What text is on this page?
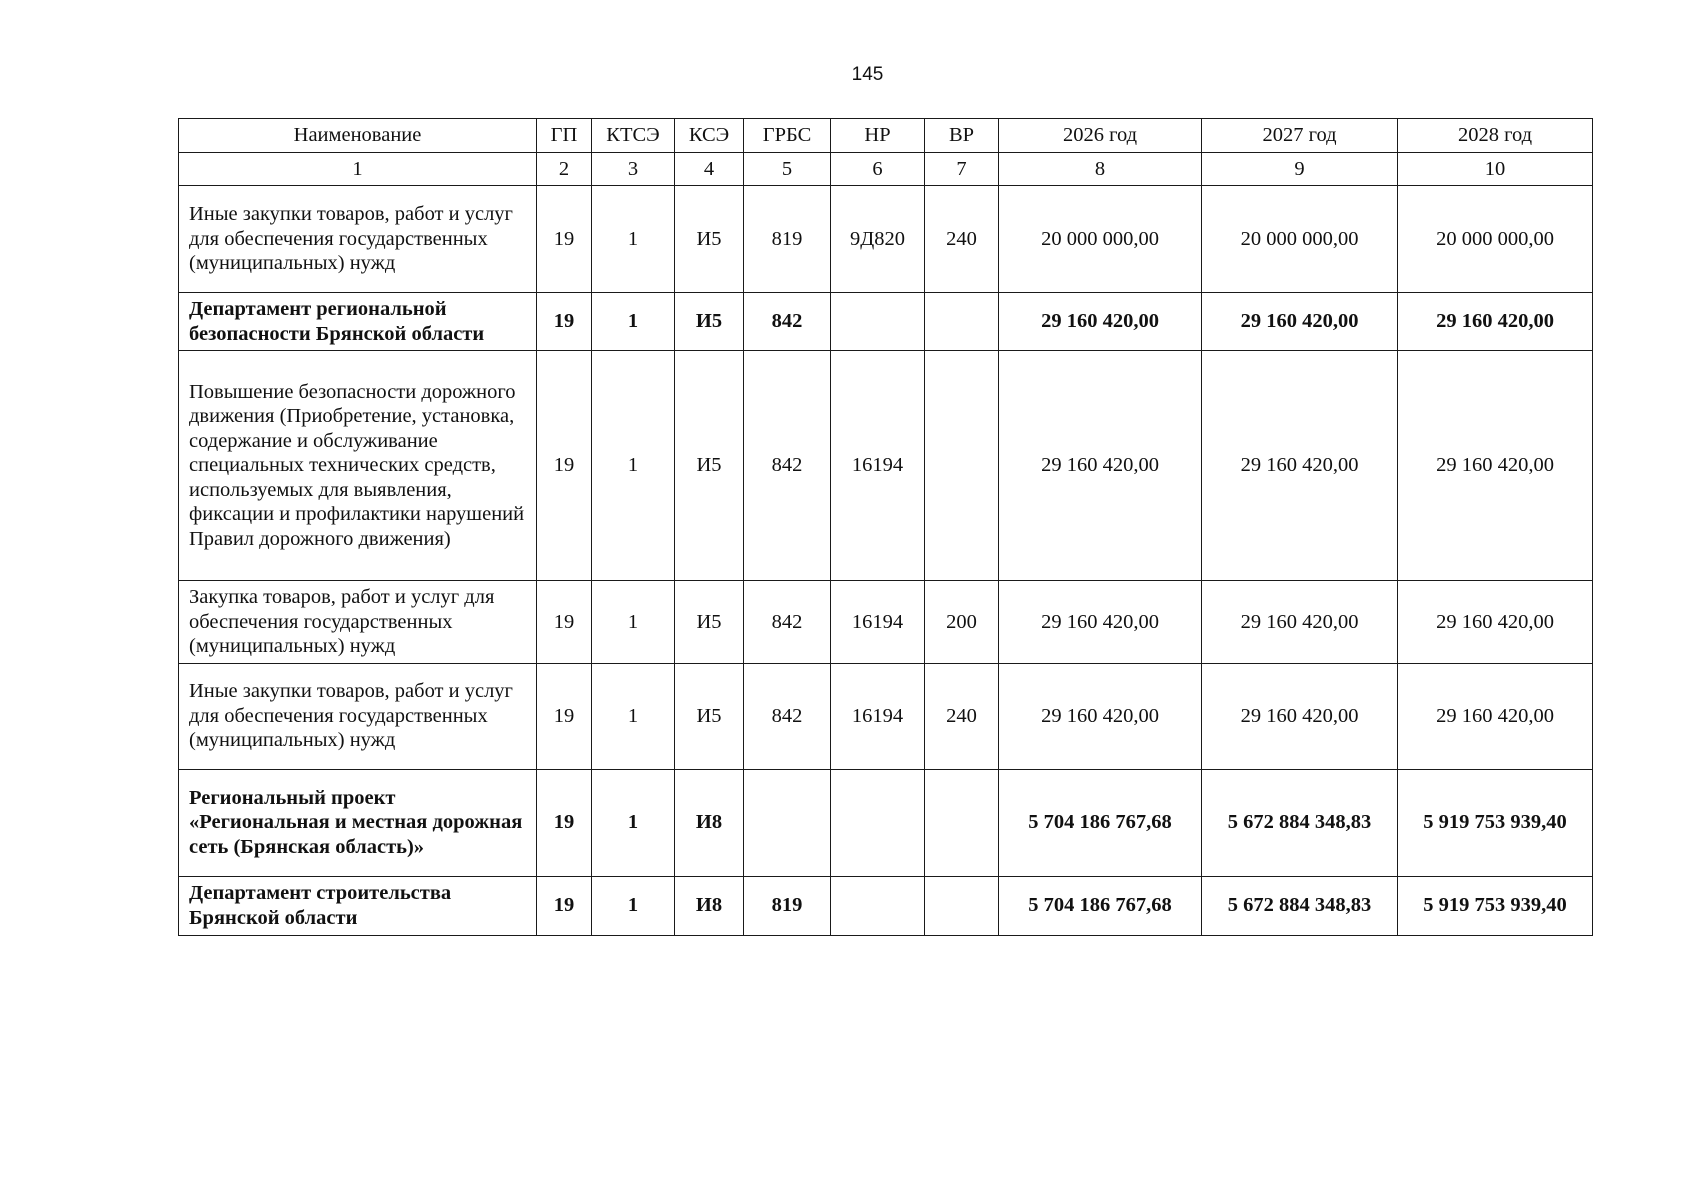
145
Наименование	ГП	КТСЭ	КСЭ	ГРБС	НР	ВР	2026 год	2027 год	2028 год
1	2	3	4	5	6	7	8	9	10
Иные закупки товаров, работ и услуг для обеспечения государственных (муниципальных) нужд	19	1	И5	819	9Д820	240	20 000 000,00	20 000 000,00	20 000 000,00
Департамент региональной безопасности Брянской области	19	1	И5	842			29 160 420,00	29 160 420,00	29 160 420,00
Повышение безопасности дорожного движения (Приобретение, установка, содержание и обслуживание специальных технических средств, используемых для выявления, фиксации и профилактики нарушений Правил дорожного движения)	19	1	И5	842	16194		29 160 420,00	29 160 420,00	29 160 420,00
Закупка товаров, работ и услуг для обеспечения государственных (муниципальных) нужд	19	1	И5	842	16194	200	29 160 420,00	29 160 420,00	29 160 420,00
Иные закупки товаров, работ и услуг для обеспечения государственных (муниципальных) нужд	19	1	И5	842	16194	240	29 160 420,00	29 160 420,00	29 160 420,00
Региональный проект «Региональная и местная дорожная сеть (Брянская область)»	19	1	И8				5 704 186 767,68	5 672 884 348,83	5 919 753 939,40
Департамент строительства Брянской области	19	1	И8	819			5 704 186 767,68	5 672 884 348,83	5 919 753 939,40
